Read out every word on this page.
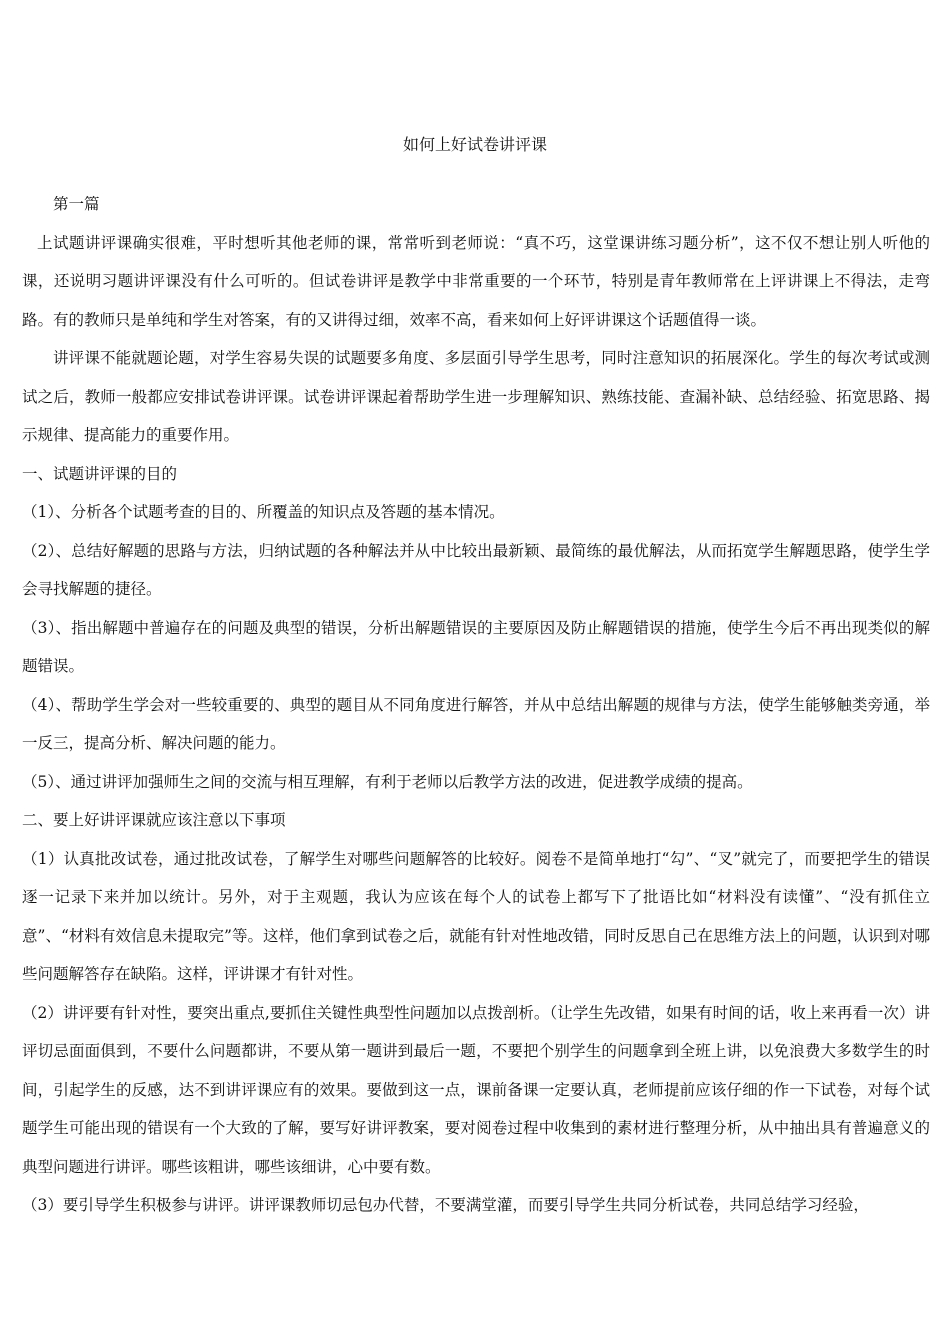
如何上好试卷讲评课

第一篇

上试题讲评课确实很难，平时想听其他老师的课，常常听到老师说：“真不巧，这堂课讲练习题分析”，这不仅不想让别人听他的课，还说明习题讲评课没有什么可听的。但试卷讲评是教学中非常重要的一个环节，特别是青年教师常在上评讲课上不得法，走弯路。有的教师只是单纯和学生对答案，有的又讲得过细，效率不高，看来如何上好评讲课这个话题值得一谈。

讲评课不能就题论题，对学生容易失误的试题要多角度、多层面引导学生思考，同时注意知识的拓展深化。学生的每次考试或测试之后，教师一般都应安排试卷讲评课。试卷讲评课起着帮助学生进一步理解知识、熟练技能、查漏补缺、总结经验、拓宽思路、揭示规律、提高能力的重要作用。

一、试题讲评课的目的

（1）、分析各个试题考查的目的、所覆盖的知识点及答题的基本情况。

（2）、总结好解题的思路与方法，归纳试题的各种解法并从中比较出最新颖、最简练的最优解法，从而拓宽学生解题思路，使学生学会寻找解题的捷径。

（3）、指出解题中普遍存在的问题及典型的错误，分析出解题错误的主要原因及防止解题错误的措施，使学生今后不再出现类似的解题错误。

（4）、帮助学生学会对一些较重要的、典型的题目从不同角度进行解答，并从中总结出解题的规律与方法，使学生能够触类旁通，举一反三，提高分析、解决问题的能力。

（5）、通过讲评加强师生之间的交流与相互理解，有利于老师以后教学方法的改进，促进教学成绩的提高。

二、要上好讲评课就应该注意以下事项

（1）认真批改试卷，通过批改试卷，了解学生对哪些问题解答的比较好。阅卷不是简单地打“勾”、“叉”就完了，而要把学生的错误逐一记录下来并加以统计。另外，对于主观题，我认为应该在每个人的试卷上都写下了批语比如“材料没有读懂”、“没有抓住立意”、“材料有效信息未提取完”等。这样，他们拿到试卷之后，就能有针对性地改错，同时反思自己在思维方法上的问题，认识到对哪些问题解答存在缺陷。这样，评讲课才有针对性。

（2）讲评要有针对性，要突出重点,要抓住关键性典型性问题加以点拨剖析。（让学生先改错，如果有时间的话，收上来再看一次）讲评切忌面面俱到，不要什么问题都讲，不要从第一题讲到最后一题，不要把个别学生的问题拿到全班上讲，以免浪费大多数学生的时间，引起学生的反感，达不到讲评课应有的效果。要做到这一点，课前备课一定要认真，老师提前应该仔细的作一下试卷，对每个试题学生可能出现的错误有一个大致的了解，要写好讲评教案，要对阅卷过程中收集到的素材进行整理分析，从中抽出具有普遍意义的典型问题进行讲评。哪些该粗讲，哪些该细讲，心中要有数。

（3）要引导学生积极参与讲评。讲评课教师切忌包办代替，不要满堂灌，而要引导学生共同分析试卷，共同总结学习经验，
